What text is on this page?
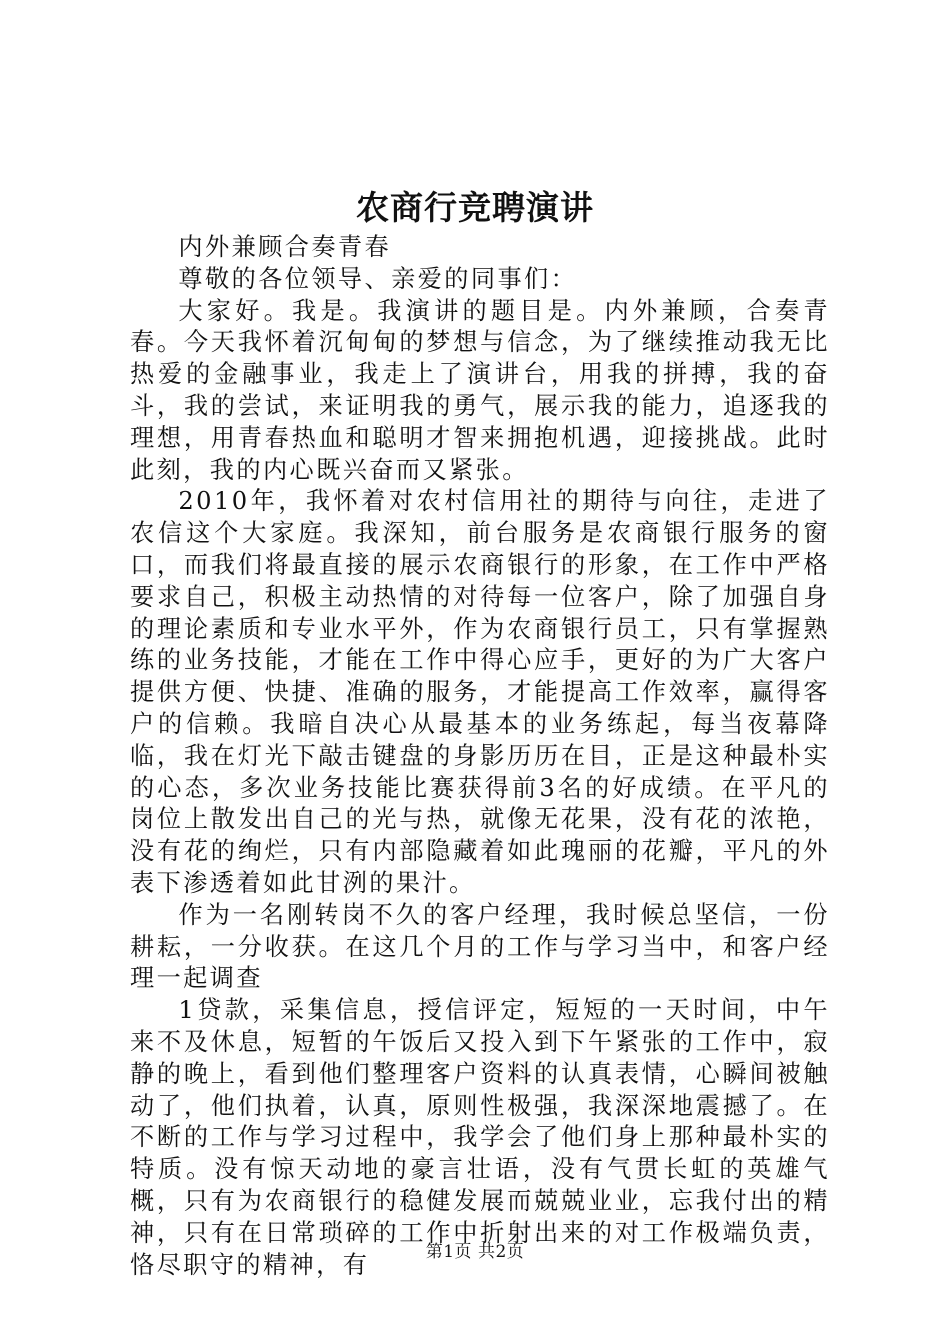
农商行竞聘演讲

内外兼顾合奏青春

尊敬的各位领导、亲爱的同事们：

大家好。我是。我演讲的题目是。内外兼顾，合奏青春。今天我怀着沉甸甸的梦想与信念，为了继续推动我无比热爱的金融事业，我走上了演讲台，用我的拼搏，我的奋斗，我的尝试，来证明我的勇气，展示我的能力，追逐我的理想，用青春热血和聪明才智来拥抱机遇，迎接挑战。此时此刻，我的内心既兴奋而又紧张。

2010年，我怀着对农村信用社的期待与向往，走进了农信这个大家庭。我深知，前台服务是农商银行服务的窗口，而我们将最直接的展示农商银行的形象，在工作中严格要求自己，积极主动热情的对待每一位客户，除了加强自身的理论素质和专业水平外，作为农商银行员工，只有掌握熟练的业务技能，才能在工作中得心应手，更好的为广大客户提供方便、快捷、准确的服务，才能提高工作效率，赢得客户的信赖。我暗自决心从最基本的业务练起，每当夜幕降临，我在灯光下敲击键盘的身影历历在目，正是这种最朴实的心态，多次业务技能比赛获得前3名的好成绩。在平凡的岗位上散发出自己的光与热，就像无花果，没有花的浓艳，没有花的绚烂，只有内部隐藏着如此瑰丽的花瓣，平凡的外表下渗透着如此甘洌的果汁。

作为一名刚转岗不久的客户经理，我时候总坚信，一份耕耘，一分收获。在这几个月的工作与学习当中，和客户经理一起调查

1贷款，采集信息，授信评定，短短的一天时间，中午来不及休息，短暂的午饭后又投入到下午紧张的工作中，寂静的晚上，看到他们整理客户资料的认真表情，心瞬间被触动了，他们执着，认真，原则性极强，我深深地震撼了。在不断的工作与学习过程中，我学会了他们身上那种最朴实的特质。没有惊天动地的豪言壮语，没有气贯长虹的英雄气概，只有为农商银行的稳健发展而兢兢业业，忘我付出的精神，只有在日常琐碎的工作中折射出来的对工作极端负责，恪尽职守的精神，有	第1页 共2页
